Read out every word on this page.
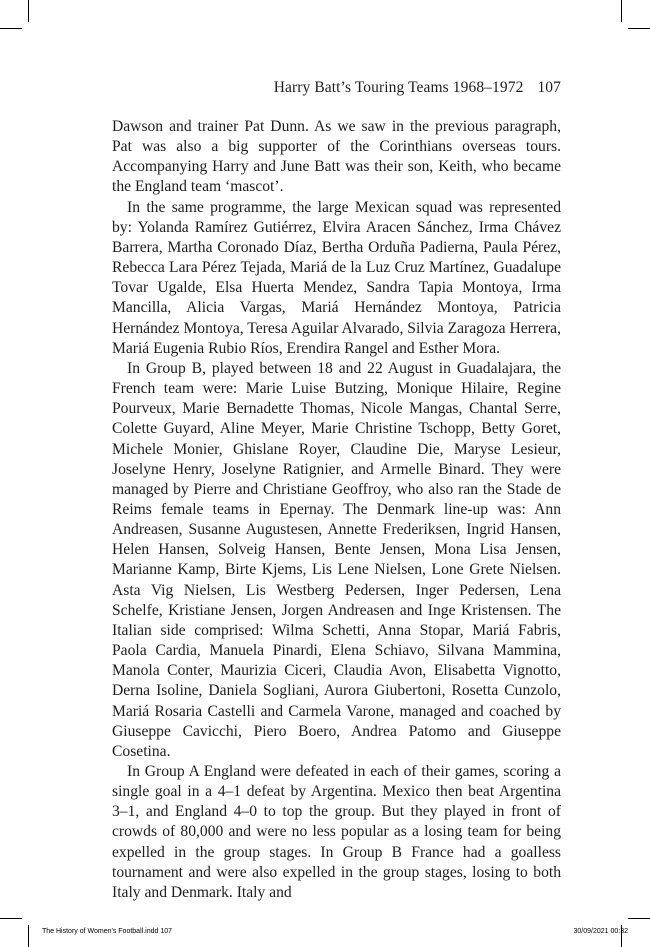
Harry Batt’s Touring Teams 1968–1972 107

Dawson and trainer Pat Dunn. As we saw in the previous paragraph, Pat was also a big supporter of the Corinthians overseas tours. Accompanying Harry and June Batt was their son, Keith, who became the England team ‘mascot’.

In the same programme, the large Mexican squad was represented by: Yolanda Ramírez Gutiérrez, Elvira Aracen Sánchez, Irma Chávez Barrera, Martha Coronado Díaz, Bertha Orduña Padierna, Paula Pérez, Rebecca Lara Pérez Tejada, Mariá de la Luz Cruz Martínez, Guadalupe Tovar Ugalde, Elsa Huerta Mendez, Sandra Tapia Montoya, Irma Mancilla, Alicia Vargas, Mariá Hernández Montoya, Patricia Hernández Montoya, Teresa Aguilar Alvarado, Silvia Zaragoza Herrera, Mariá Eugenia Rubio Ríos, Erendira Rangel and Esther Mora.

In Group B, played between 18 and 22 August in Guadalajara, the French team were: Marie Luise Butzing, Monique Hilaire, Regine Pourveux, Marie Bernadette Thomas, Nicole Mangas, Chantal Serre, Colette Guyard, Aline Meyer, Marie Christine Tschopp, Betty Goret, Michele Monier, Ghislane Royer, Claudine Die, Maryse Lesieur, Joselyne Henry, Joselyne Ratignier, and Armelle Binard. They were managed by Pierre and Christiane Geoffroy, who also ran the Stade de Reims female teams in Epernay. The Denmark line-up was: Ann Andreasen, Susanne Augustesen, Annette Frederiksen, Ingrid Hansen, Helen Hansen, Solveig Hansen, Bente Jensen, Mona Lisa Jensen, Marianne Kamp, Birte Kjems, Lis Lene Nielsen, Lone Grete Nielsen. Asta Vig Nielsen, Lis Westberg Pedersen, Inger Pedersen, Lena Schelfe, Kristiane Jensen, Jorgen Andreasen and Inge Kristensen. The Italian side comprised: Wilma Schetti, Anna Stopar, Mariá Fabris, Paola Cardia, Manuela Pinardi, Elena Schiavo, Silvana Mammina, Manola Conter, Maurizia Ciceri, Claudia Avon, Elisabetta Vignotto, Derna Isoline, Daniela Sogliani, Aurora Giubertoni, Rosetta Cunzolo, Mariá Rosaria Castelli and Carmela Varone, managed and coached by Giuseppe Cavicchi, Piero Boero, Andrea Patomo and Giuseppe Cosetina.

In Group A England were defeated in each of their games, scoring a single goal in a 4–1 defeat by Argentina. Mexico then beat Argentina 3–1, and England 4–0 to top the group. But they played in front of crowds of 80,000 and were no less popular as a losing team for being expelled in the group stages. In Group B France had a goalless tournament and were also expelled in the group stages, losing to both Italy and Denmark. Italy and

The History of Women's Football.indd 107	30/09/2021 00:32
